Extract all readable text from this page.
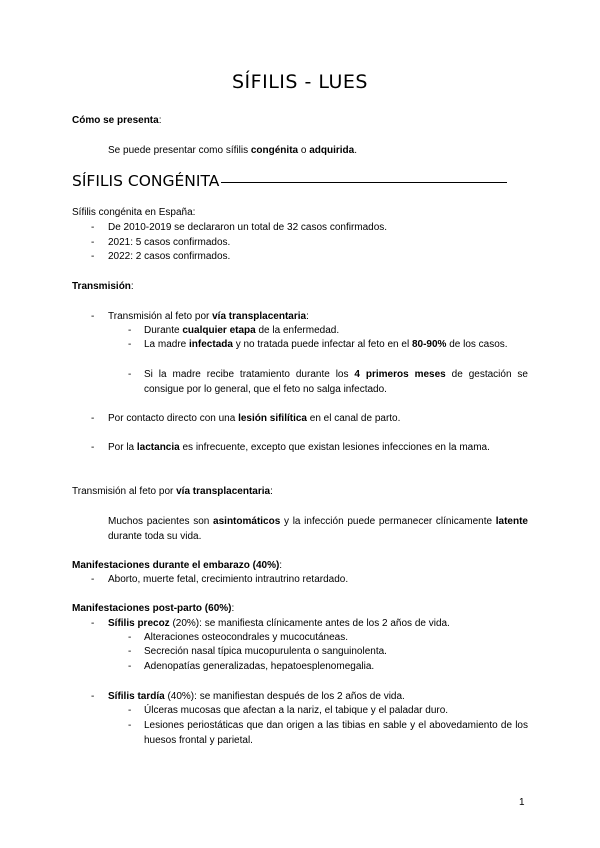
SÍFILIS - LUES
Cómo se presenta:
Se puede presentar como sífilis congénita o adquirida.
SÍFILIS CONGÉNITA
Sífilis congénita en España:
- De 2010-2019 se declararon un total de 32 casos confirmados.
- 2021: 5 casos confirmados.
- 2022: 2 casos confirmados.
Transmisión:
- Transmisión al feto por vía transplacentaria:
- Durante cualquier etapa de la enfermedad.
- La madre infectada y no tratada puede infectar al feto en el 80-90% de los casos.
- Si la madre recibe tratamiento durante los 4 primeros meses de gestación se consigue por lo general, que el feto no salga infectado.
- Por contacto directo con una lesión sifilítica en el canal de parto.
- Por la lactancia es infrecuente, excepto que existan lesiones infecciones en la mama.
Transmisión al feto por vía transplacentaria:
Muchos pacientes son asintomáticos y la infección puede permanecer clínicamente latente durante toda su vida.
Manifestaciones durante el embarazo (40%):
- Aborto, muerte fetal, crecimiento intrautrino retardado.
Manifestaciones post-parto (60%):
- Sífilis precoz (20%): se manifiesta clínicamente antes de los 2 años de vida.
- Alteraciones osteocondrales y mucocutáneas.
- Secreción nasal típica mucopurulenta o sanguinolenta.
- Adenopatías generalizadas, hepatoesplenomegalia.
- Sífilis tardía (40%): se manifiestan después de los 2 años de vida.
- Úlceras mucosas que afectan a la nariz, el tabique y el paladar duro.
- Lesiones periostáticas que dan origen a las tibias en sable y el abovedamiento de los huesos frontal y parietal.
1
